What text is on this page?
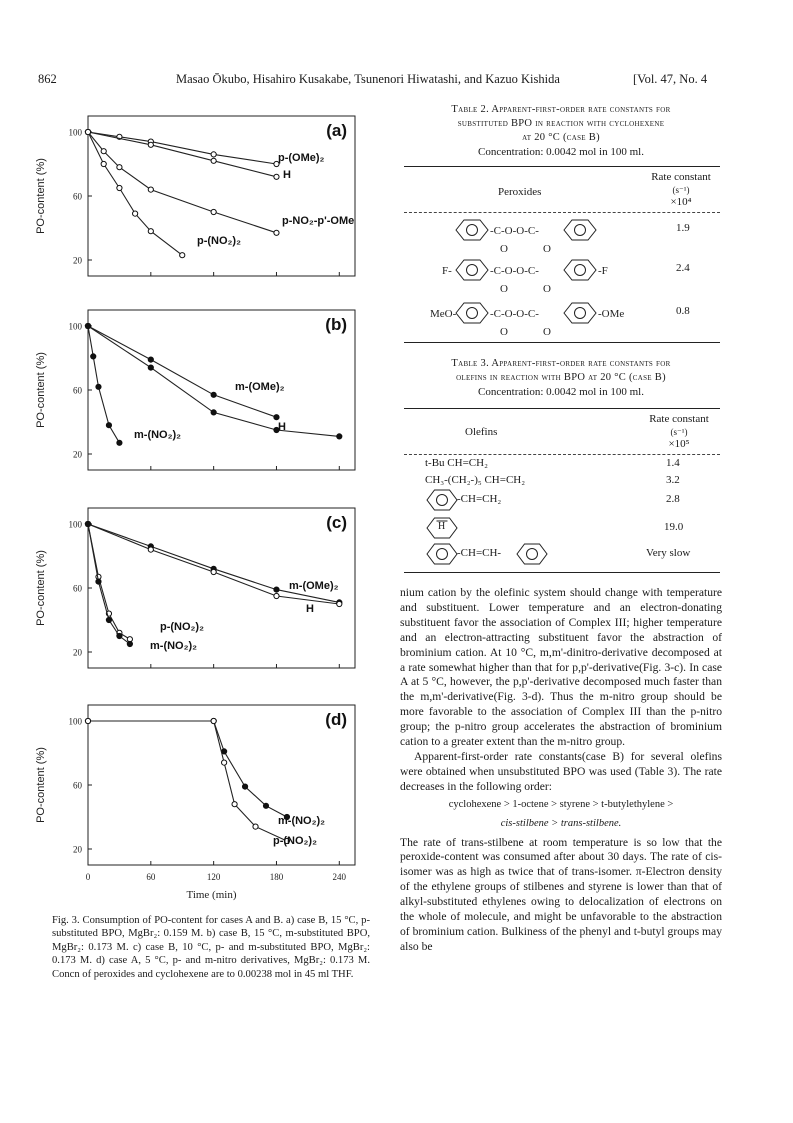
862	Masao Ōkubo, Hisahiro Kusakabe, Tsunenori Hiwatashi, and Kazuo Kishida	[Vol. 47, No. 4
100
60
20
PO-content (%)
(a)
p-(OMe)₂
H
p-NO₂-p'-OMe
p-(NO₂)₂
100
60
20
PO-content (%)
(b)
m-(OMe)₂
H
m-(NO₂)₂
100
60
20
PO-content (%)
(c)
m-(OMe)₂
H
p-(NO₂)₂
m-(NO₂)₂
100
60
20
PO-content (%)
(d)
m-(NO₂)₂
p-(NO₂)₂
0	60	120	180	240
Time (min)
Fig. 3. Consumption of PO-content for cases A and B. a) case B, 15 °C, p-substituted BPO, MgBr₂: 0.159 M. b) case B, 15 °C, m-substituted BPO, MgBr₂: 0.173 M. c) case B, 10 °C, p- and m-substituted BPO, MgBr₂: 0.173 M. d) case A, 5 °C, p- and m-nitro derivatives, MgBr₂: 0.173 M. Concn of peroxides and cyclohexene are to 0.00238 mol in 45 ml THF.
Table 2. Apparent-first-order rate constants for
substituted BPO in reaction with cyclohexene
at 20 °C (case B)
Concentration: 0.0042 mol in 100 ml.
Peroxides
Rate constant
(s⁻¹)
×10⁴
-C-O-O-C-
O	O
1.9
F-	-C-O-O-C-	-F
O	O
2.4
MeO-	-C-O-O-C-	-OMe
O	O
0.8
Table 3. Apparent-first-order rate constants for
olefins in reaction with BPO at 20 °C (case B)
Concentration: 0.0042 mol in 100 ml.
Olefins
Rate constant
(s⁻¹)
×10⁵
t-Bu CH=CH₂	1.4
CH₃-(CH₂-)₅ CH=CH₂	3.2
-CH=CH₂	2.8
H	19.0
-CH=CH-	Very slow

nium cation by the olefinic system should change with temperature and substituent. Lower temperature and an electron-donating substituent favor the association of Complex III; higher temperature and an electron-attracting substituent favor the abstraction of brominium cation. At 10 °C, m,m'-dinitro-derivative decomposed at a rate somewhat higher than that for p,p'-derivative(Fig. 3-c). In case A at 5 °C, however, the p,p'-derivative decomposed much faster than the m,m'-derivative(Fig. 3-d). Thus the m-nitro group should be more favorable to the association of Complex III than the p-nitro group; the p-nitro group accelerates the abstraction of brominium cation to a greater extent than the m-nitro group.

Apparent-first-order rate constants(case B) for several olefins were obtained when unsubstituted BPO was used (Table 3). The rate decreases in the following order:

cyclohexene > 1-octene > styrene > t-butylethylene >

cis-stilbene > trans-stilbene.

The rate of trans-stilbene at room temperature is so low that the peroxide-content was consumed after about 30 days. The rate of cis-isomer was as high as twice that of trans-isomer. π-Electron density of the ethylene groups of stilbenes and styrene is lower than that of alkyl-substituted ethylenes owing to delocalization of electrons on the whole of molecule, and might be unfavorable to the abstraction of brominium cation. Bulkiness of the phenyl and t-butyl groups may also be
